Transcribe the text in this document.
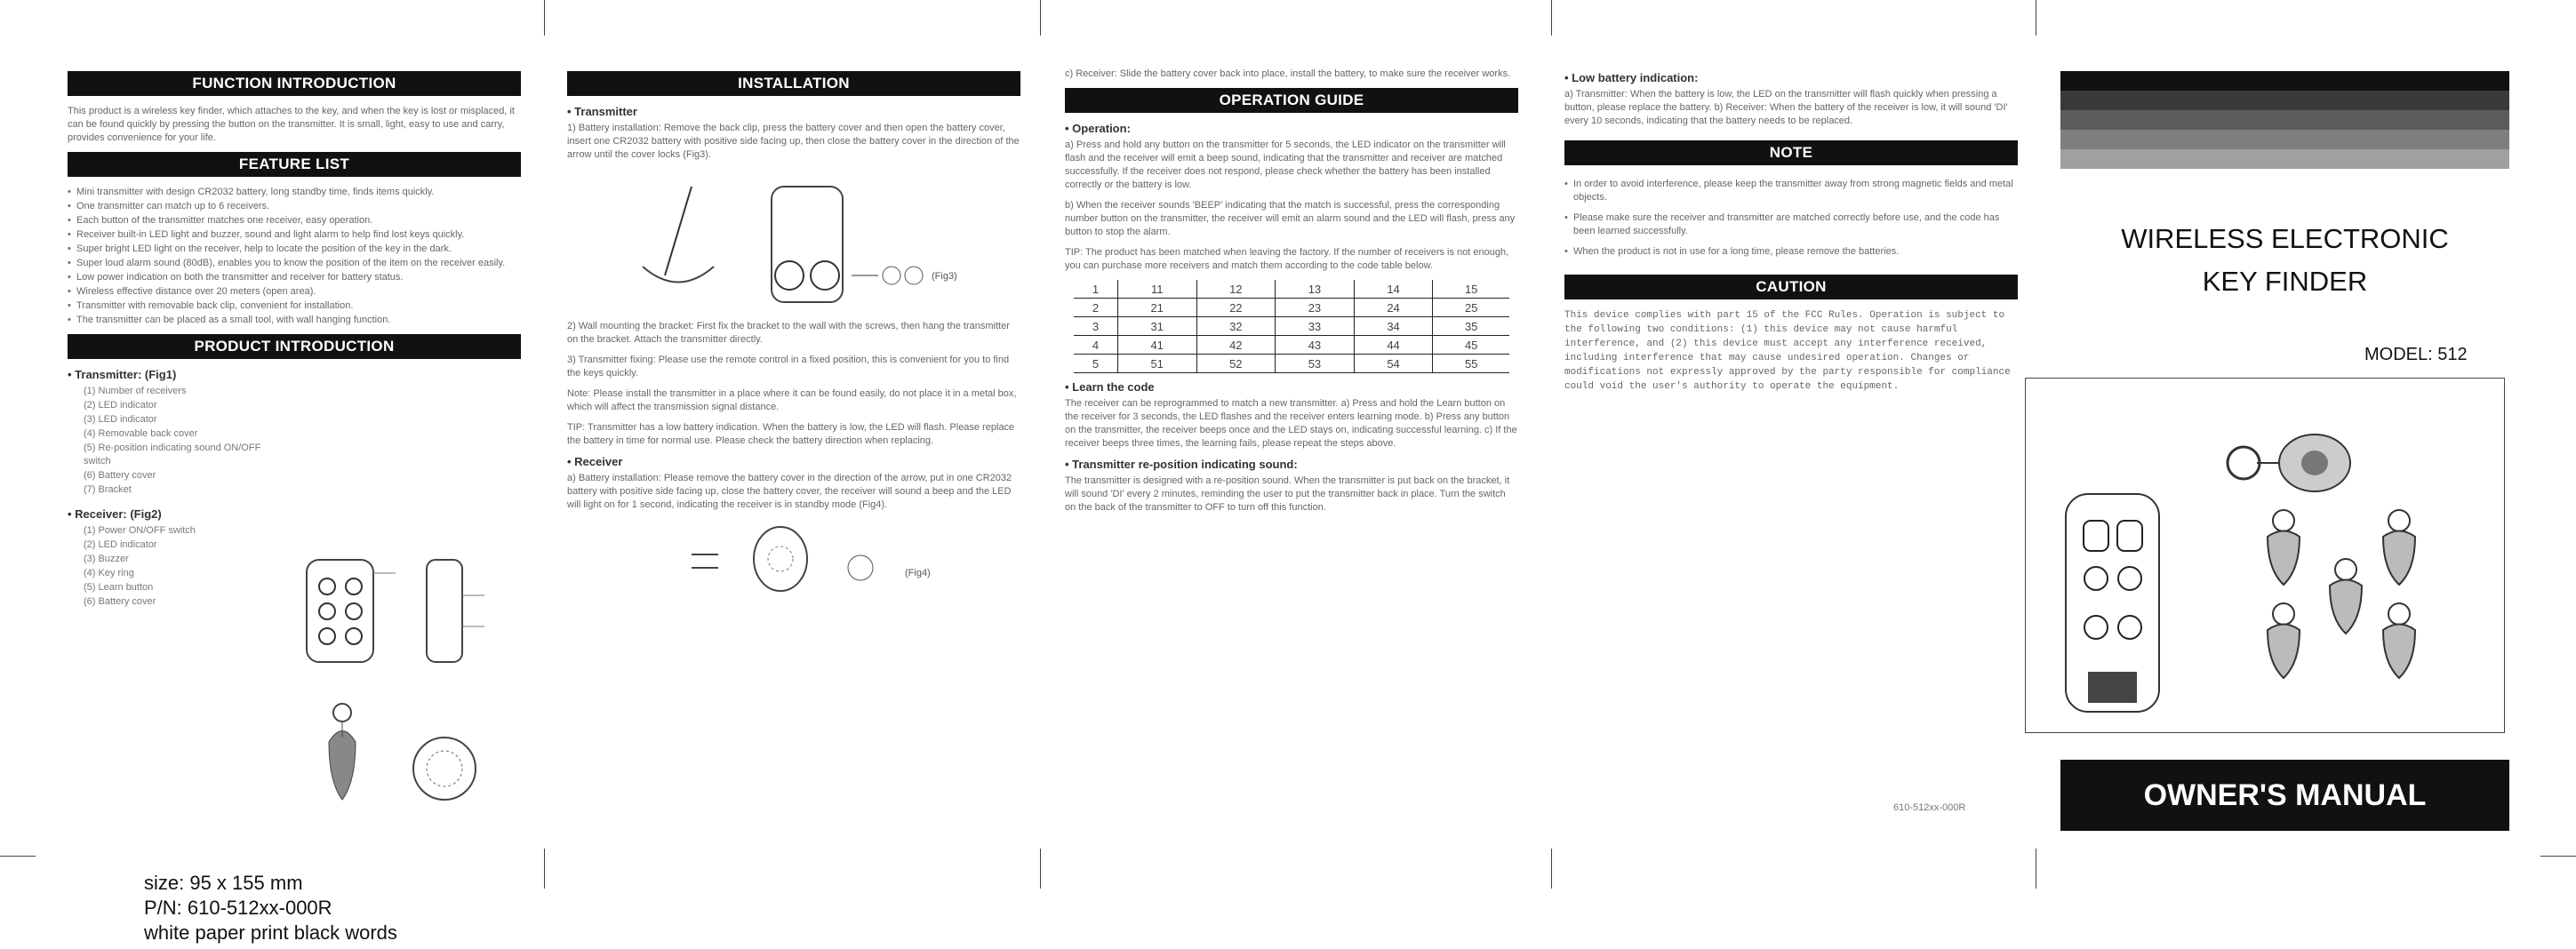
FUNCTION INTRODUCTION

This product is a wireless key finder, which attaches to the key, and when the key is lost or misplaced, it can be found quickly by pressing the button on the transmitter. It is small, light, easy to use and carry, provides convenience for your life.

FEATURE LIST
• Mini transmitter with design CR2032 battery, long standby time, finds items quickly.
• One transmitter can match up to 6 receivers.
• Each button of the transmitter matches one receiver, easy operation.
• Receiver built-in LED light and buzzer, sound and light alarm to help find lost keys quickly.
• Super bright LED light on the receiver, help to locate the position of the key in the dark.
• Super loud alarm sound (80dB), enables you to know the position of the item on the receiver easily.
• Low power indication on both the transmitter and receiver for battery status.
• Wireless effective distance over 20 meters (open area).
• Transmitter with removable back clip, convenient for installation.
• The transmitter can be placed as a small tool, with wall hanging function.
PRODUCT INTRODUCTION
• Transmitter: (Fig1)
(1) Number of receivers
(2) LED indicator
(3) LED indicator
(4) Removable back cover
(5) Re-position indicating sound ON/OFF switch
(6) Battery cover
(7) Bracket
• Receiver: (Fig2)
(1) Power ON/OFF switch
(2) LED indicator
(3) Buzzer
(4) Key ring
(5) Learn button
(6) Battery cover
INSTALLATION
• Transmitter

1) Battery installation: Remove the back clip, press the battery cover and then open the battery cover, insert one CR2032 battery with positive side facing up, then close the battery cover in the direction of the arrow until the cover locks (Fig3).

(Fig3)

2) Wall mounting the bracket: First fix the bracket to the wall with the screws, then hang the transmitter on the bracket. Attach the transmitter directly.

3) Transmitter fixing: Please use the remote control in a fixed position, this is convenient for you to find the keys quickly.

Note: Please install the transmitter in a place where it can be found easily, do not place it in a metal box, which will affect the transmission signal distance.

TIP: Transmitter has a low battery indication. When the battery is low, the LED will flash. Please replace the battery in time for normal use. Please check the battery direction when replacing.

• Receiver

a) Battery installation: Please remove the battery cover in the direction of the arrow, put in one CR2032 battery with positive side facing up, close the battery cover, the receiver will sound a beep and the LED will light on for 1 second, indicating the receiver is in standby mode (Fig4).

(Fig4)

c) Receiver: Slide the battery cover back into place, install the battery, to make sure the receiver works.

OPERATION GUIDE
• Operation:

a) Press and hold any button on the transmitter for 5 seconds, the LED indicator on the transmitter will flash and the receiver will emit a beep sound, indicating that the transmitter and receiver are matched successfully. If the receiver does not respond, please check whether the battery has been installed correctly or the battery is low.

b) When the receiver sounds 'BEEP' indicating that the match is successful, press the corresponding number button on the transmitter, the receiver will emit an alarm sound and the LED will flash, press any button to stop the alarm.

TIP: The product has been matched when leaving the factory. If the number of receivers is not enough, you can purchase more receivers and match them according to the code table below.

1	11	12	13	14	15
2	21	22	23	24	25
3	31	32	33	34	35
4	41	42	43	44	45
5	51	52	53	54	55
• Learn the code

The receiver can be reprogrammed to match a new transmitter. a) Press and hold the Learn button on the receiver for 3 seconds, the LED flashes and the receiver enters learning mode. b) Press any button on the transmitter, the receiver beeps once and the LED stays on, indicating successful learning. c) If the receiver beeps three times, the learning fails, please repeat the steps above.

• Transmitter re-position indicating sound:

The transmitter is designed with a re-position sound. When the transmitter is put back on the bracket, it will sound 'DI' every 2 minutes, reminding the user to put the transmitter back in place. Turn the switch on the back of the transmitter to OFF to turn off this function.

• Low battery indication:

a) Transmitter: When the battery is low, the LED on the transmitter will flash quickly when pressing a button, please replace the battery. b) Receiver: When the battery of the receiver is low, it will sound 'DI' every 10 seconds, indicating that the battery needs to be replaced.

NOTE
• In order to avoid interference, please keep the transmitter away from strong magnetic fields and metal objects.
• Please make sure the receiver and transmitter are matched correctly before use, and the code has been learned successfully.
• When the product is not in use for a long time, please remove the batteries.
CAUTION

This device complies with part 15 of the FCC Rules. Operation is subject to the following two conditions: (1) this device may not cause harmful interference, and (2) this device must accept any interference received, including interference that may cause undesired operation. Changes or modifications not expressly approved by the party responsible for compliance could void the user's authority to operate the equipment.

610-512xx-000R
WIRELESS ELECTRONIC
KEY FINDER
MODEL: 512
OWNER'S MANUAL
size: 95 x 155 mm
P/N: 610-512xx-000R
white paper print black words
